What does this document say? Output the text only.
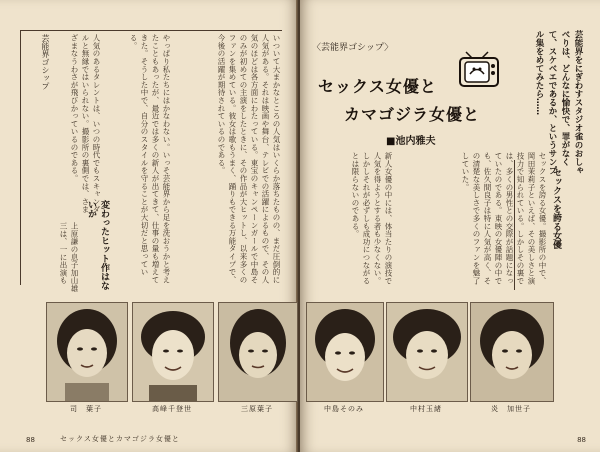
芸能界ゴシップ	いついて大まかなところの人気はいくらか落ちたものの、まだ圧倒的に人気がある。それは映画や舞台、テレビでの活躍によるもので、その人気のほどは各方面にわたっている。東宝のキャンペーンガールで中島そのみが初めての主演をしたときに、その作品が大ヒットし、以来多くのファンを集めている。彼女は歌もうまく、踊りもできる万能タイプで、今後の活躍が期待されているのである。
やっぱり私たちにはかなわない。いっそ芸能界から足を洗おうかと考えたこともあったが、最近では多くの新人が出てきて、仕事の量も増えてきた。そうした中で、自分のスタイルを守ることが大切だと思っている。
人気のあるタレントは、いつの時代でもスキャンダルと無縁ではいられない。撮影所の裏側では、さまざまなうわさが飛びかっているのである。
変わったヒット作はないか
上原謙の息子加山雄三は、一に出演も
88	セックス女優とカマゴジラ女優と
〈芸能界ゴシップ〉
セックス女優と
カマゴジラ女優と
■池内雅夫	芸能界をにぎわすスタジオ雀のおしゃべりは、どんなに愉快で、罪がなくて、スケベエであるか、というサンプル集をめてみたら……
セックスを誇る女優
セックスを誇る女優。撮影所の中で、岡田茉莉子といえば、その美しさと演技力で知られている。しかしその裏では、多くの男性との交際が話題になっていたのである。東映の女優陣の中でも、佐久間良子は特に人気が高く、その清楚な美しさで多くのファンを魅了していた。
新人女優の中には、体当たりの演技で人気を得ようとする者も少なくない。しかしそれが必ずしも成功につながるとは限らないのである。
88
司　葉子	高峰千登世	三原葉子	中島そのみ	中村玉緒	炎　加世子
